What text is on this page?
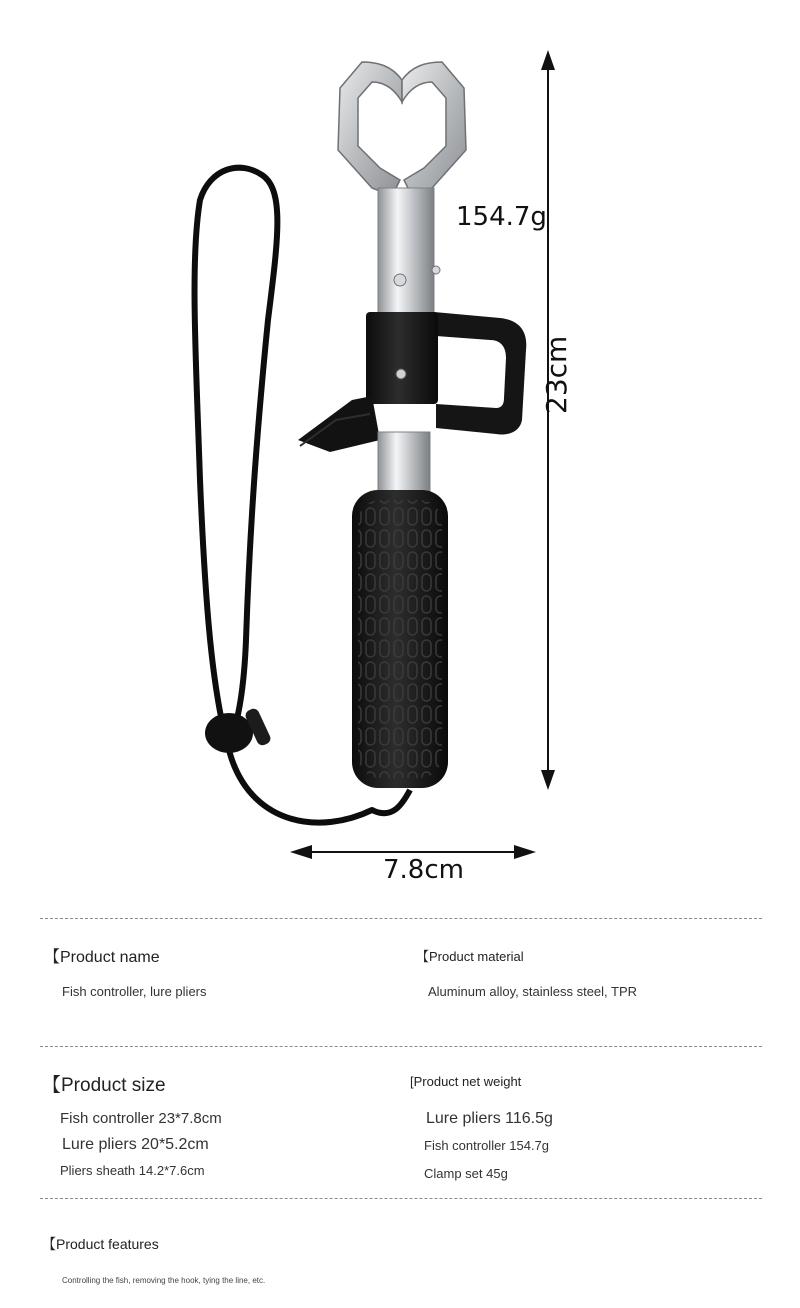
154.7g
23cm
7.8cm
【Product name
Fish controller, lure pliers
【Product material
Aluminum alloy, stainless steel, TPR
【Product size
Fish controller 23*7.8cm
Lure pliers 20*5.2cm
Pliers sheath 14.2*7.6cm
[Product net weight
Lure pliers 116.5g
Fish controller 154.7g
Clamp set 45g
【Product features
Controlling the fish, removing the hook, tying the line, etc.
